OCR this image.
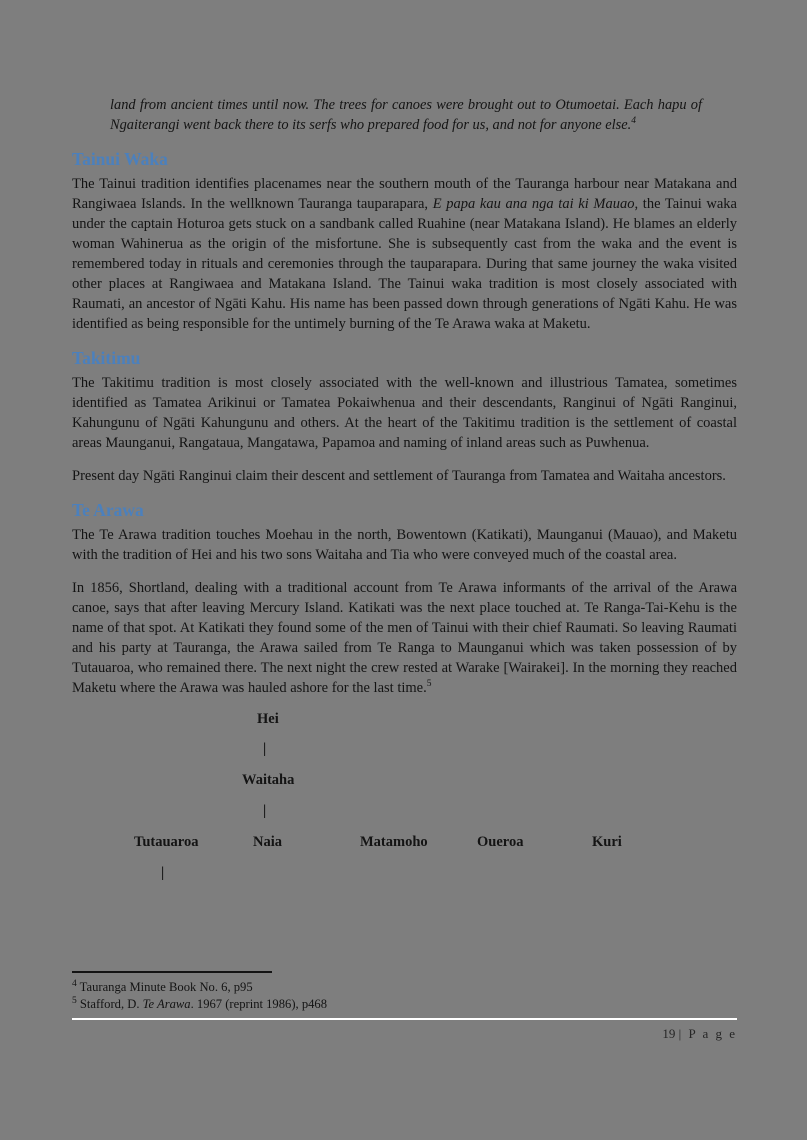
land from ancient times until now. The trees for canoes were brought out to Otumoetai. Each hapu of Ngaiterangi went back there to its serfs who prepared food for us, and not for anyone else.$^4$

Tainui Waka

The Tainui tradition identifies placenames near the southern mouth of the Tauranga harbour near Matakana and Rangiwaea Islands. In the wellknown Tauranga tauparapara, E papa kau ana nga tai ki Mauao, the Tainui waka under the captain Hoturoa gets stuck on a sandbank called Ruahine (near Matakana Island). He blames an elderly woman Wahinerua as the origin of the misfortune. She is subsequently cast from the waka and the event is remembered today in rituals and ceremonies through the tauparapara. During that same journey the waka visited other places at Rangiwaea and Matakana Island. The Tainui waka tradition is most closely associated with Raumati, an ancestor of Ngāti Kahu. His name has been passed down through generations of Ngāti Kahu. He was identified as being responsible for the untimely burning of the Te Arawa waka at Maketu.

Takitimu

The Takitimu tradition is most closely associated with the well-known and illustrious Tamatea, sometimes identified as Tamatea Arikinui or Tamatea Pokaiwhenua and their descendants, Ranginui of Ngāti Ranginui, Kahungunu of Ngāti Kahungunu and others. At the heart of the Takitimu tradition is the settlement of coastal areas Maunganui, Rangataua, Mangatawa, Papamoa and naming of inland areas such as Puwhenua.

Present day Ngāti Ranginui claim their descent and settlement of Tauranga from Tamatea and Waitaha ancestors.

Te Arawa

The Te Arawa tradition touches Moehau in the north, Bowentown (Katikati), Maunganui (Mauao), and Maketu with the tradition of Hei and his two sons Waitaha and Tia who were conveyed much of the coastal area.

In 1856, Shortland, dealing with a traditional account from Te Arawa informants of the arrival of the Arawa canoe, says that after leaving Mercury Island. Katikati was the next place touched at. Te Ranga-Tai-Kehu is the name of that spot. At Katikati they found some of the men of Tainui with their chief Raumati. So leaving Raumati and his party at Tauranga, the Arawa sailed from Te Ranga to Maunganui which was taken possession of by Tutauaroa, who remained there. The next night the crew rested at Warake [Wairakei]. In the morning they reached Maketu where the Arawa was hauled ashore for the last time.$^5$

Hei
|
Waitaha
|
Tutauaroa	Naia	Matamoho	Oueroa	Kuri
|

$^4$ Tauranga Minute Book No. 6, p95

$^5$ Stafford, D. Te Arawa. 1967 (reprint 1986), p468

19 | P a g e
